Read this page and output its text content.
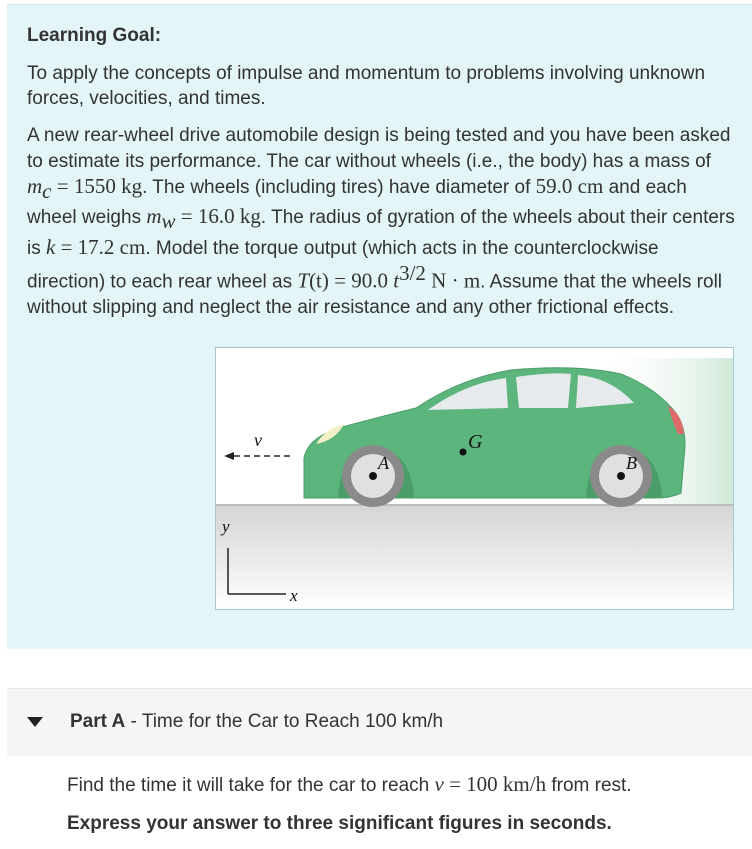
Learning Goal:
To apply the concepts of impulse and momentum to problems involving unknown forces, velocities, and times.
A new rear-wheel drive automobile design is being tested and you have been asked to estimate its performance. The car without wheels (i.e., the body) has a mass of $m_c = 1550$ kg. The wheels (including tires) have diameter of 59.0 cm and each wheel weighs $m_w = 16.0$ kg. The radius of gyration of the wheels about their centers is k = 17.2 cm. Model the torque output (which acts in the counterclockwise direction) to each rear wheel as T(t) = 90.0 $t^{3/2}$ N · m. Assume that the wheels roll without slipping and neglect the air resistance and any other frictional effects.
G
A	B
v
y
x
Part A - Time for the Car to Reach 100 km/h
Find the time it will take for the car to reach v = 100 km/h from rest.
Express your answer to three significant figures in seconds.
